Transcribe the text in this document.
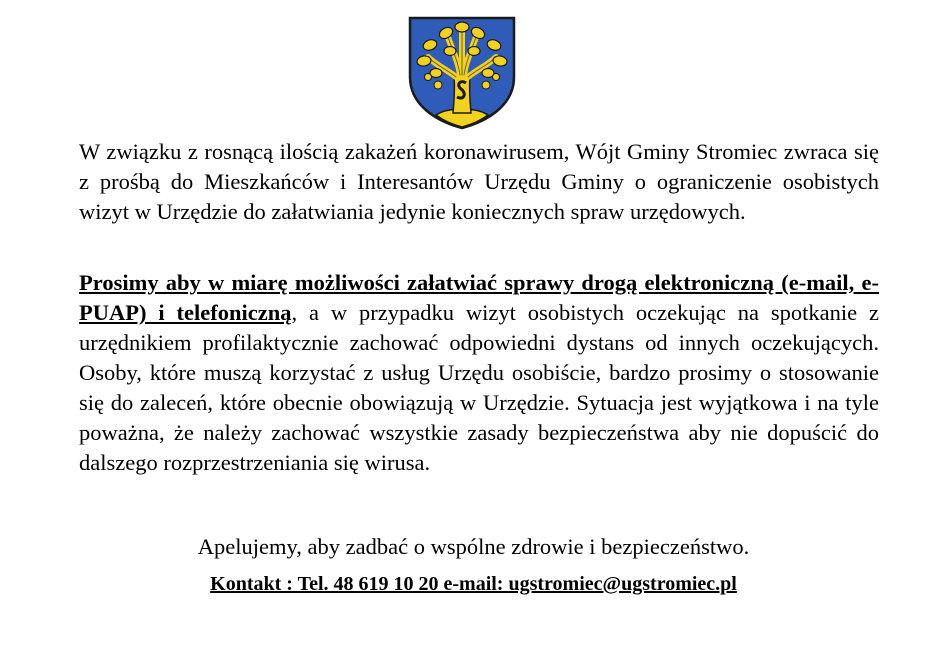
W związku z rosnącą ilością zakażeń koronawirusem, Wójt Gminy Stromiec zwraca się z prośbą do Mieszkańców i Interesantów Urzędu Gminy o ograniczenie osobistych wizyt w Urzędzie do załatwiania jedynie koniecznych spraw urzędowych.

Prosimy aby w miarę możliwości załatwiać sprawy drogą elektroniczną (e-mail, e-PUAP) i telefoniczną, a w przypadku wizyt osobistych oczekując na spotkanie z urzędnikiem profilaktycznie zachować odpowiedni dystans od innych oczekujących. Osoby, które muszą korzystać z usług Urzędu osobiście, bardzo prosimy o stosowanie się do zaleceń, które obecnie obowiązują w Urzędzie. Sytuacja jest wyjątkowa i na tyle poważna, że należy zachować wszystkie zasady bezpieczeństwa aby nie dopuścić do dalszego rozprzestrzeniania się wirusa.

Apelujemy, aby zadbać o wspólne zdrowie i bezpieczeństwo.

Kontakt : Tel. 48 619 10 20 e-mail: ugstromiec@ugstromiec.pl
